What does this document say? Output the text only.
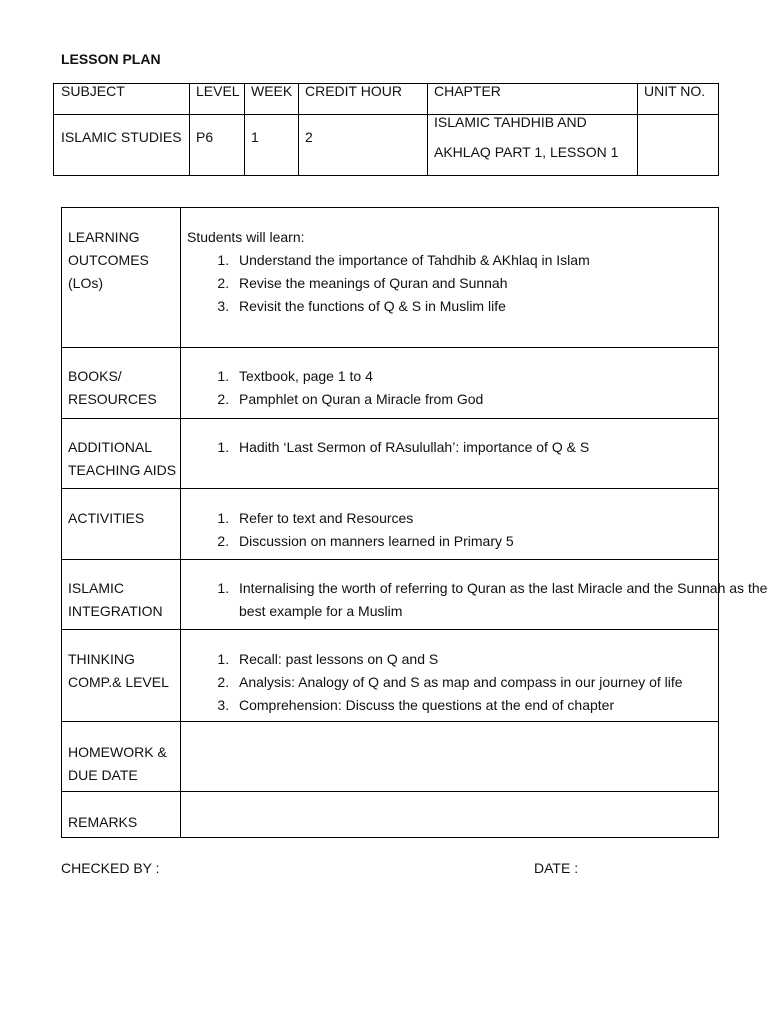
LESSON PLAN
SUBJECT	LEVEL WEEK CREDIT HOUR CHAPTER	UNIT NO.
ISLAMIC STUDIES P6	1	2
ISLAMIC TAHDHIB AND
AKHLAQ PART 1, LESSON 1
LEARNING
OUTCOMES
(LOs)

Students will learn:

1. Understand the importance of Tahdhib & AKhlaq in Islam
2. Revise the meanings of Quran and Sunnah
3. Revisit the functions of Q & S in Muslim life
BOOKS/
RESOURCES
1. Textbook, page 1 to 4
2. Pamphlet on Quran a Miracle from God
ADDITIONAL
TEACHING AIDS
1. Hadith ‘Last Sermon of RAsulullah’: importance of Q & S
ACTIVITIES
1.	Refer to text and Resources
2. Discussion on manners learned in Primary 5
ISLAMIC
INTEGRATION
1. Internalising the worth of referring to Quran as the last Miracle and the Sunnah as the
best example for a Muslim
THINKING
COMP.& LEVEL
1. Recall: past lessons on Q and S
2. Analysis: Analogy of Q and S as map and compass in our journey of life
3. Comprehension: Discuss the questions at the end of chapter
HOMEWORK &
DUE DATE
REMARKS
CHECKED BY :	DATE :
